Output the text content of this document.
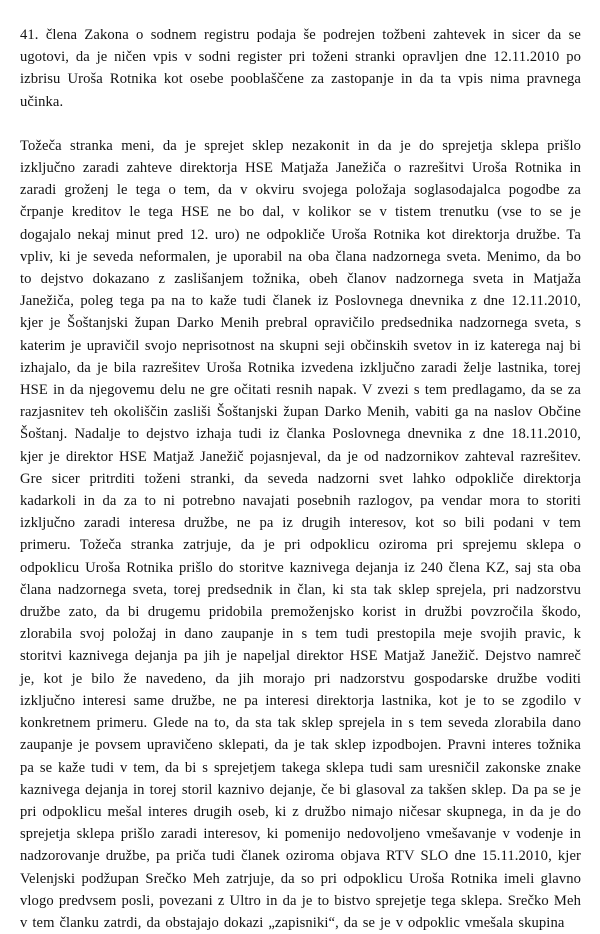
41. člena Zakona o sodnem registru podaja še podrejen tožbeni zahtevek in sicer da se ugotovi, da je ničen vpis v sodni register pri toženi stranki opravljen dne 12.11.2010 po izbrisu Uroša Rotnika kot osebe pooblaščene za zastopanje in da ta vpis nima pravnega učinka.

Tožeča stranka meni, da je sprejet sklep nezakonit in da je do sprejetja sklepa prišlo izključno zaradi zahteve direktorja HSE Matjaža Janežiča o razrešitvi Uroša Rotnika in zaradi groženj le tega o tem, da v okviru svojega položaja soglasodajalca pogodbe za črpanje kreditov le tega HSE ne bo dal, v kolikor se v tistem trenutku (vse to se je dogajalo nekaj minut pred 12. uro) ne odpokliče Uroša Rotnika kot direktorja družbe. Ta vpliv, ki je seveda neformalen, je uporabil na oba člana nadzornega sveta. Menimo, da bo to dejstvo dokazano z zaslišanjem tožnika, obeh članov nadzornega sveta in Matjaža Janežiča, poleg tega pa na to kaže tudi članek iz Poslovnega dnevnika z dne 12.11.2010, kjer je Šoštanjski župan Darko Menih prebral opravičilo predsednika nadzornega sveta, s katerim je upravičil svojo neprisotnost na skupni seji občinskih svetov in iz katerega naj bi izhajalo, da je bila razrešitev Uroša Rotnika izvedena izključno zaradi želje lastnika, torej HSE in da njegovemu delu ne gre očitati resnih napak. V zvezi s tem predlagamo, da se za razjasnitev teh okoliščin zasliši Šoštanjski župan Darko Menih, vabiti ga na naslov Občine Šoštanj. Nadalje to dejstvo izhaja tudi iz članka Poslovnega dnevnika z dne 18.11.2010, kjer je direktor HSE Matjaž Janežič pojasnjeval, da je od nadzornikov zahteval razrešitev. Gre sicer pritrditi toženi stranki, da seveda nadzorni svet lahko odpokliče direktorja kadarkoli in da za to ni potrebno navajati posebnih razlogov, pa vendar mora to storiti izključno zaradi interesa družbe, ne pa iz drugih interesov, kot so bili podani v tem primeru. Tožeča stranka zatrjuje, da je pri odpoklicu oziroma pri sprejemu sklepa o odpoklicu Uroša Rotnika prišlo do storitve kaznivega dejanja iz 240 člena KZ, saj sta oba člana nadzornega sveta, torej predsednik in član, ki sta tak sklep sprejela, pri nadzorstvu družbe zato, da bi drugemu pridobila premoženjsko korist in družbi povzročila škodo, zlorabila svoj položaj in dano zaupanje in s tem tudi prestopila meje svojih pravic, k storitvi kaznivega dejanja pa jih je napeljal direktor HSE Matjaž Janežič. Dejstvo namreč je, kot je bilo že navedeno, da jih morajo pri nadzorstvu gospodarske družbe voditi izključno interesi same družbe, ne pa interesi direktorja lastnika, kot je to se zgodilo v konkretnem primeru. Glede na to, da sta tak sklep sprejela in s tem seveda zlorabila dano zaupanje je povsem upravičeno sklepati, da je tak sklep izpodbojen. Pravni interes tožnika pa se kaže tudi v tem, da bi s sprejetjem takega sklepa tudi sam uresničil zakonske znake kaznivega dejanja in torej storil kaznivo dejanje, če bi glasoval za takšen sklep. Da pa se je pri odpoklicu mešal interes drugih oseb, ki z družbo nimajo ničesar skupnega, in da je do sprejetja sklepa prišlo zaradi interesov, ki pomenijo nedovoljeno vmešavanje v vodenje in nadzorovanje družbe, pa priča tudi članek oziroma objava RTV SLO dne 15.11.2010, kjer Velenjski podžupan Srečko Meh zatrjuje, da so pri odpoklicu Uroša Rotnika imeli glavno vlogo predvsem posli, povezani z Ultro in da je to bistvo sprejetje tega sklepa. Srečko Meh v tem članku zatrdi, da obstajajo dokazi „zapisniki“, da se je v odpoklic vmešala skupina
